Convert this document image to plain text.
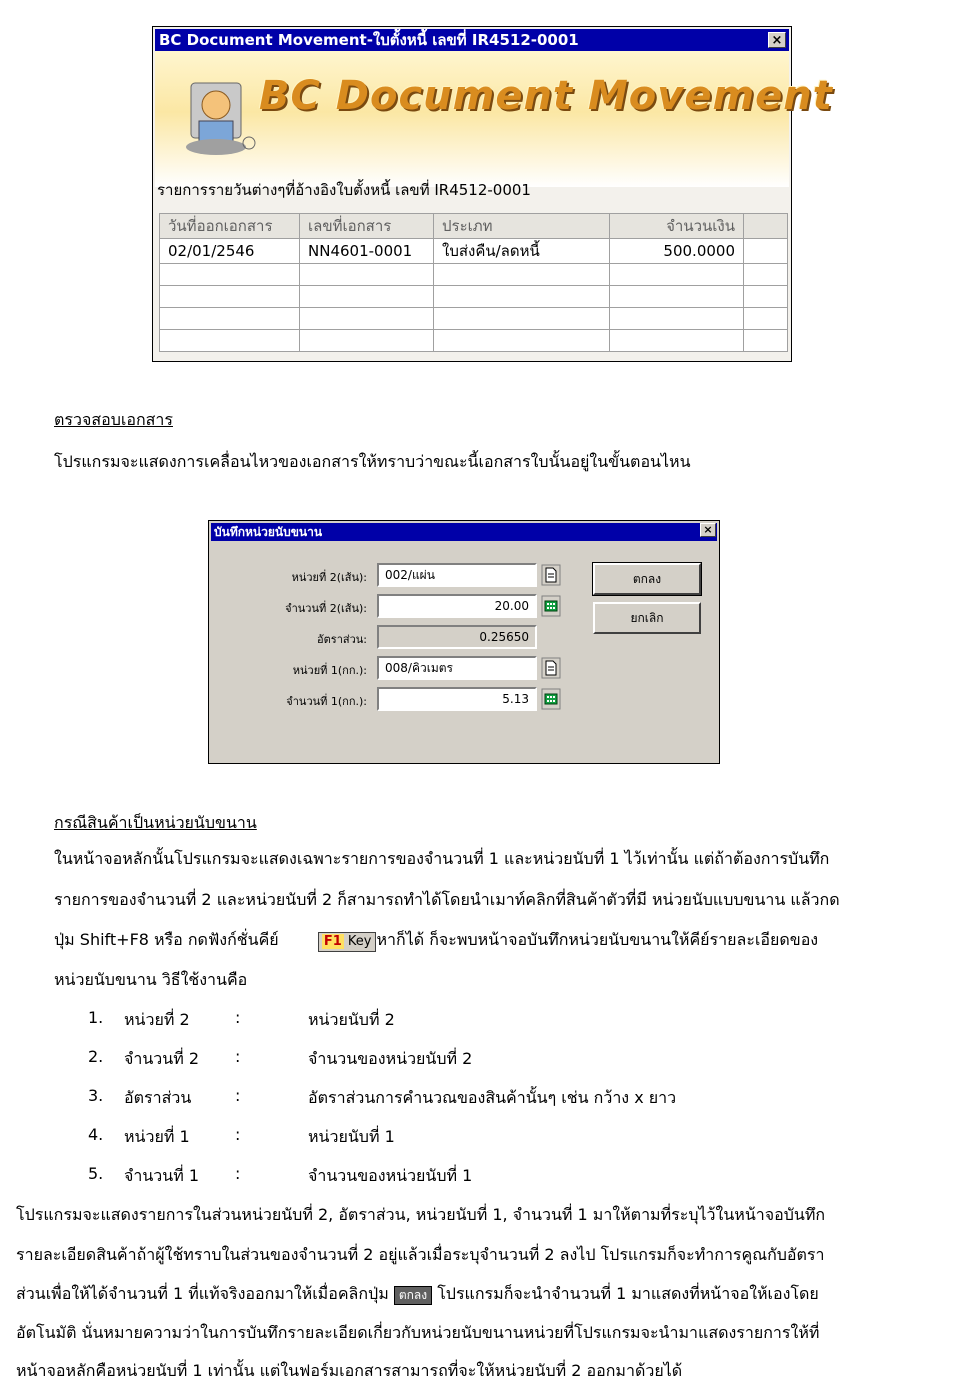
BC Document Movement-ใบตั้งหนี้ เลขที่ IR4512-0001	×
BC Document Movement
รายการรายวันต่างๆที่อ้างอิงใบตั้งหนี้ เลขที่ IR4512-0001
วันที่ออกเอกสาร	เลขที่เอกสาร	ประเภท	จำนวนเงิน	
02/01/2546	NN4601-0001	ใบส่งคืน/ลดหนี้	500.0000	

ตรวจสอบเอกสาร
โปรแกรมจะแสดงการเคลื่อนไหวของเอกสารให้ทราบว่าขณะนี้เอกสารใบนั้นอยู่ในขั้นตอนไหน
บันทึกหน่วยนับขนาน	×
หน่วยที่ 2(เส้น):	002/แผ่น
จำนวนที่ 2(เส้น):	20.00
อัตราส่วน:	0.25650
หน่วยที่ 1(กก.):	008/คิวเมตร
จำนวนที่ 1(กก.):	5.13
ตกลง
ยกเลิก
กรณีสินค้าเป็นหน่วยนับขนาน
ในหน้าจอหลักนั้นโปรแกรมจะแสดงเฉพาะรายการของจำนวนที่ 1 และหน่วยนับที่ 1 ไว้เท่านั้น แต่ถ้าต้องการบันทึก
รายการของจำนวนที่ 2 และหน่วยนับที่ 2 ก็สามารถทำได้โดยนำเมาท์คลิกที่สินค้าตัวที่มี หน่วยนับแบบขนาน แล้วกด
ปุ่ม Shift+F8 หรือ กดฟังก์ชั่นคีย์	F1 Key หาก็ได้ ก็จะพบหน้าจอบันทึกหน่วยนับขนานให้คีย์รายละเอียดของ
หน่วยนับขนาน วิธีใช้งานคือ
1. หน่วยที่ 2	:	หน่วยนับที่ 2
2. จำนวนที่ 2 :	จำนวนของหน่วยนับที่ 2
3. อัตราส่วน	:	อัตราส่วนการคำนวณของสินค้านั้นๆ เช่น กว้าง x ยาว
4. หน่วยที่ 1	:	หน่วยนับที่ 1
5. จำนวนที่ 1 :	จำนวนของหน่วยนับที่ 1
โปรแกรมจะแสดงรายการในส่วนหน่วยนับที่ 2, อัตราส่วน, หน่วยนับที่ 1, จำนวนที่ 1 มาให้ตามที่ระบุไว้ในหน้าจอบันทึก
รายละเอียดสินค้าถ้าผู้ใช้ทราบในส่วนของจำนวนที่ 2 อยู่แล้วเมื่อระบุจำนวนที่ 2 ลงไป โปรแกรมก็จะทำการคูณกับอัตรา
ส่วนเพื่อให้ได้จำนวนที่ 1 ที่แท้จริงออกมาให้เมื่อคลิกปุ่ม ตกลง โปรแกรมก็จะนำจำนวนที่ 1 มาแสดงที่หน้าจอให้เองโดย
อัตโนมัติ นั่นหมายความว่าในการบันทึกรายละเอียดเกี่ยวกับหน่วยนับขนานหน่วยที่โปรแกรมจะนำมาแสดงรายการให้ที่
หน้าจอหลักคือหน่วยนับที่ 1 เท่านั้น แต่ในฟอร์มเอกสารสามารถที่จะให้หน่วยนับที่ 2 ออกมาด้วยได้
